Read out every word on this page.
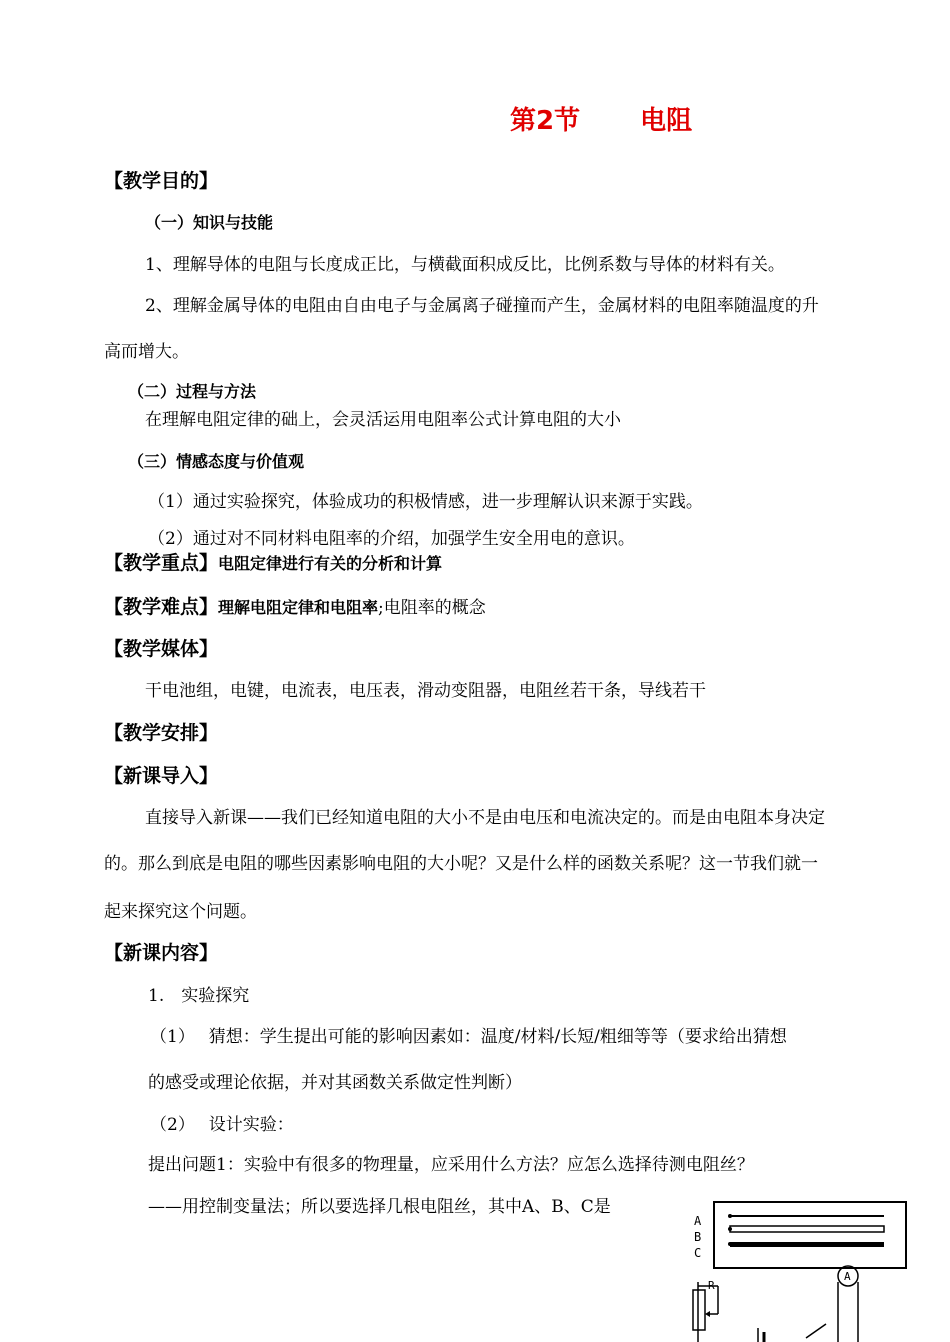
第2节 电阻
【教学目的】
（一）知识与技能
1、理解导体的电阻与长度成正比，与横截面积成反比，比例系数与导体的材料有关。
2、理解金属导体的电阻由自由电子与金属离子碰撞而产生，金属材料的电阻率随温度的升
高而增大。
（二）过程与方法
在理解电阻定律的础上，会灵活运用电阻率公式计算电阻的大小
（三）情感态度与价值观
（1）通过实验探究，体验成功的积极情感，进一步理解认识来源于实践。
（2）通过对不同材料电阻率的介绍，加强学生安全用电的意识。
【教学重点】电阻定律进行有关的分析和计算
【教学难点】理解电阻定律和电阻率;电阻率的概念
【教学媒体】
干电池组，电键，电流表，电压表，滑动变阻器，电阻丝若干条，导线若干
【教学安排】
【新课导入】
直接导入新课——我们已经知道电阻的大小不是由电压和电流决定的。而是由电阻本身决定
的。那么到底是电阻的哪些因素影响电阻的大小呢？又是什么样的函数关系呢？这一节我们就一
起来探究这个问题。
【新课内容】
1.　实验探究
（1）　 猜想：学生提出可能的影响因素如：温度/材料/长短/粗细等等（要求给出猜想
的感受或理论依据，并对其函数关系做定性判断）
（2）　 设计实验：
提出问题1：实验中有很多的物理量，应采用什么方法？应怎么选择待测电阻丝？
——用控制变量法；所以要选择几根电阻丝，其中A、B、C是
A
B
C
R
A
